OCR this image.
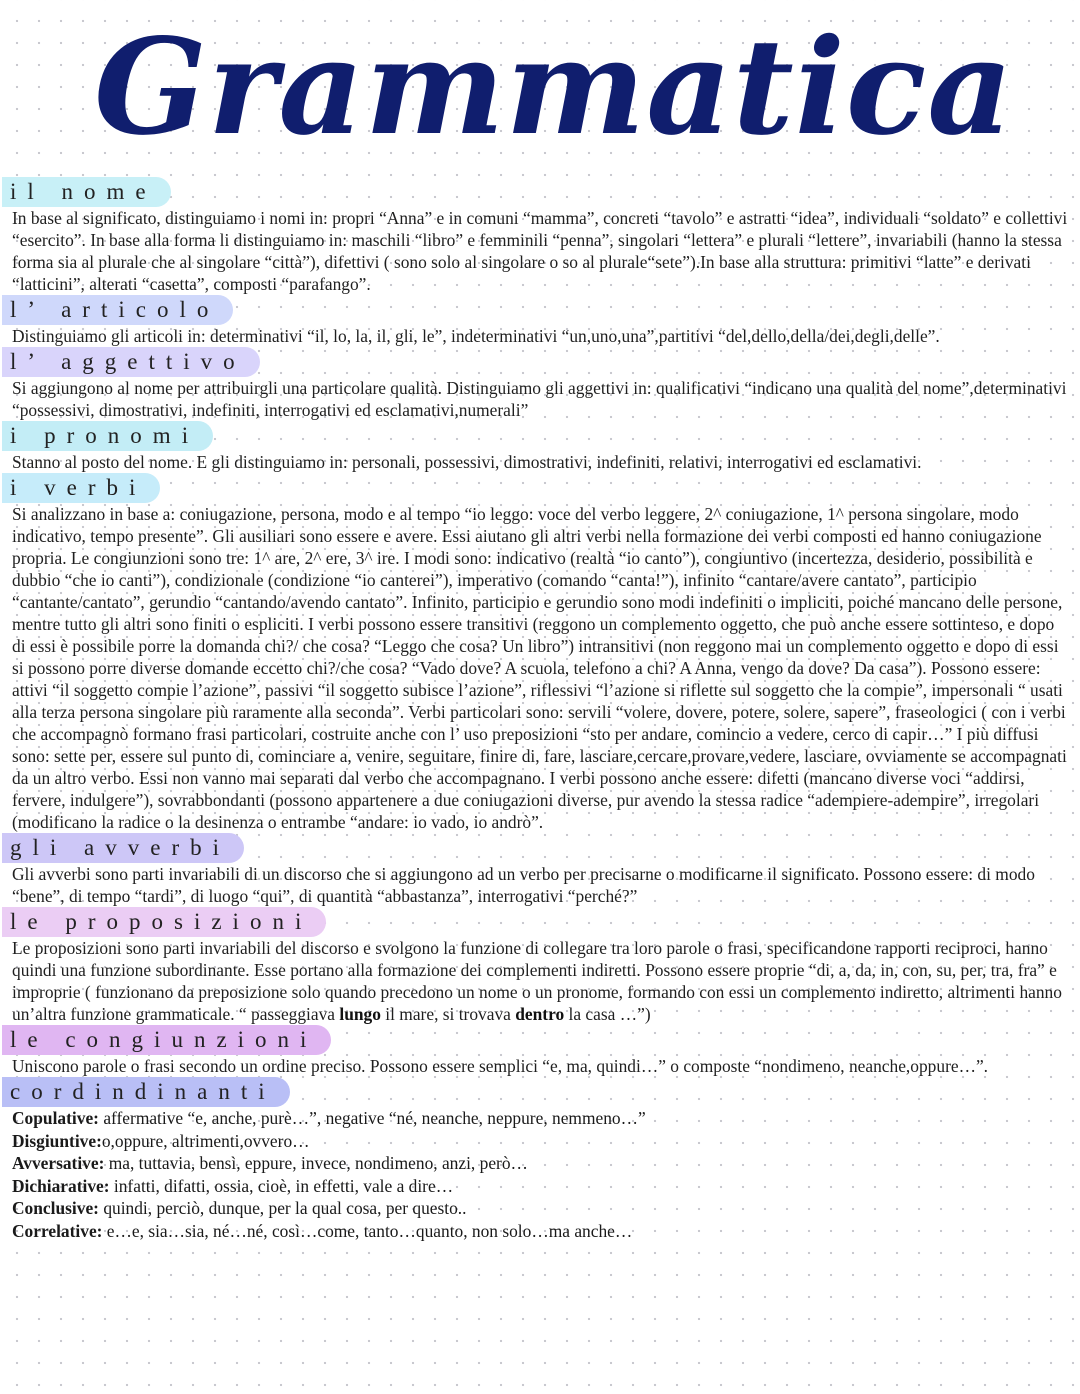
Grammatica
il nome

In base al significato, distinguiamo i nomi in: propri “Anna” e in comuni “mamma”, concreti “tavolo” e astratti “idea”, individuali “soldato” e collettivi “esercito”. In base alla forma li distinguiamo in: maschili “libro” e femminili “penna”, singolari “lettera” e plurali “lettere”, invariabili (hanno la stessa forma sia al plurale che al singolare “città”), difettivi ( sono solo al singolare o so al plurale“sete”).In base alla struttura: primitivi “latte” e derivati “latticini”, alterati “casetta”, composti “parafango”.

l’ articolo

Distinguiamo gli articoli in: determinativi “il, lo, la, il, gli, le”, indeterminativi “un,uno,una”,partitivi “del,dello,della/dei,degli,delle”.

l’ aggettivo

Si aggiungono al nome per attribuirgli una particolare qualità. Distinguiamo gli aggettivi in: qualificativi “indicano una qualità del nome”,determinativi “possessivi, dimostrativi, indefiniti, interrogativi ed esclamativi,numerali”

i pronomi

Stanno al posto del nome. E gli distinguiamo in: personali, possessivi, dimostrativi, indefiniti, relativi, interrogativi ed esclamativi.

i verbi

Si analizzano in base a: coniugazione, persona, modo e al tempo “io leggo: voce del verbo leggere, 2^ coniugazione, 1^ persona singolare, modo indicativo, tempo presente”. Gli ausiliari sono essere e avere. Essi aiutano gli altri verbi nella formazione dei verbi composti ed hanno coniugazione propria. Le congiunzioni sono tre: 1^ are, 2^ ere, 3^ ire. I modi sono: indicativo (realtà “io canto”), congiuntivo (incertezza, desiderio, possibilità e dubbio “che io canti”), condizionale (condizione “io canterei”), imperativo (comando “canta!”), infinito “cantare/avere cantato”, participio “cantante/cantato”, gerundio “cantando/avendo cantato”. Infinito, participio e gerundio sono modi indefiniti o impliciti, poiché mancano delle persone, mentre tutto gli altri sono finiti o espliciti. I verbi possono essere transitivi (reggono un complemento oggetto, che può anche essere sottinteso, e dopo di essi è possibile porre la domanda chi?/ che cosa? “Leggo che cosa? Un libro”) intransitivi (non reggono mai un complemento oggetto e dopo di essi si possono porre diverse domande eccetto chi?/che cosa? “Vado dove? A scuola, telefono a chi? A Anna, vengo da dove? Da casa”). Possono essere: attivi “il soggetto compie l’azione”, passivi “il soggetto subisce l’azione”, riflessivi “l’azione si riflette sul soggetto che la compie”, impersonali “ usati alla terza persona singolare più raramente alla seconda”. Verbi particolari sono: servili “volere, dovere, potere, solere, sapere”, fraseologici ( con i verbi che accompagnò formano frasi particolari, costruite anche con l’ uso preposizioni “sto per andare, comincio a vedere, cerco di capir…” I più diffusi sono: sette per, essere sul punto di, cominciare a, venire, seguitare, finire di, fare, lasciare,cercare,provare,vedere, lasciare, ovviamente se accompagnati da un altro verbo. Essi non vanno mai separati dal verbo che accompagnano. I verbi possono anche essere: difetti (mancano diverse voci “addirsi, fervere, indulgere”), sovrabbondanti (possono appartenere a due coniugazioni diverse, pur avendo la stessa radice “adempiere-adempire”, irregolari (modificano la radice o la desinenza o entrambe “andare: io vado, io andrò”.

gli avverbi

Gli avverbi sono parti invariabili di un discorso che si aggiungono ad un verbo per precisarne o modificarne il significato. Possono essere: di modo “bene”, di tempo “tardi”, di luogo “qui”, di quantità “abbastanza”, interrogativi “perché?”

le proposizioni

Le proposizioni sono parti invariabili del discorso e svolgono la funzione di collegare tra loro parole o frasi, specificandone rapporti reciproci, hanno quindi una funzione subordinante. Esse portano alla formazione dei complementi indiretti. Possono essere proprie “di, a, da, in, con, su, per, tra, fra” e improprie ( funzionano da preposizione solo quando precedono un nome o un pronome, formando con essi un complemento indiretto, altrimenti hanno un’altra funzione grammaticale. “ passeggiava lungo il mare, si trovava dentro la casa …”)

le congiunzioni

Uniscono parole o frasi secondo un ordine preciso. Possono essere semplici “e, ma, quindi…” o composte “nondimeno, neanche,oppure…”.

cordindinanti

Copulative: affermative “e, anche, purè…”, negative “né, neanche, neppure, nemmeno…”

Disgiuntive:o,oppure, altrimenti,ovvero…

Avversative: ma, tuttavia, bensì, eppure, invece, nondimeno, anzi, però…

Dichiarative: infatti, difatti, ossia, cioè, in effetti, vale a dire…

Conclusive: quindi, perciò, dunque, per la qual cosa, per questo..

Correlative: e…e, sia…sia, né…né, così…come, tanto…quanto, non solo…ma anche…
